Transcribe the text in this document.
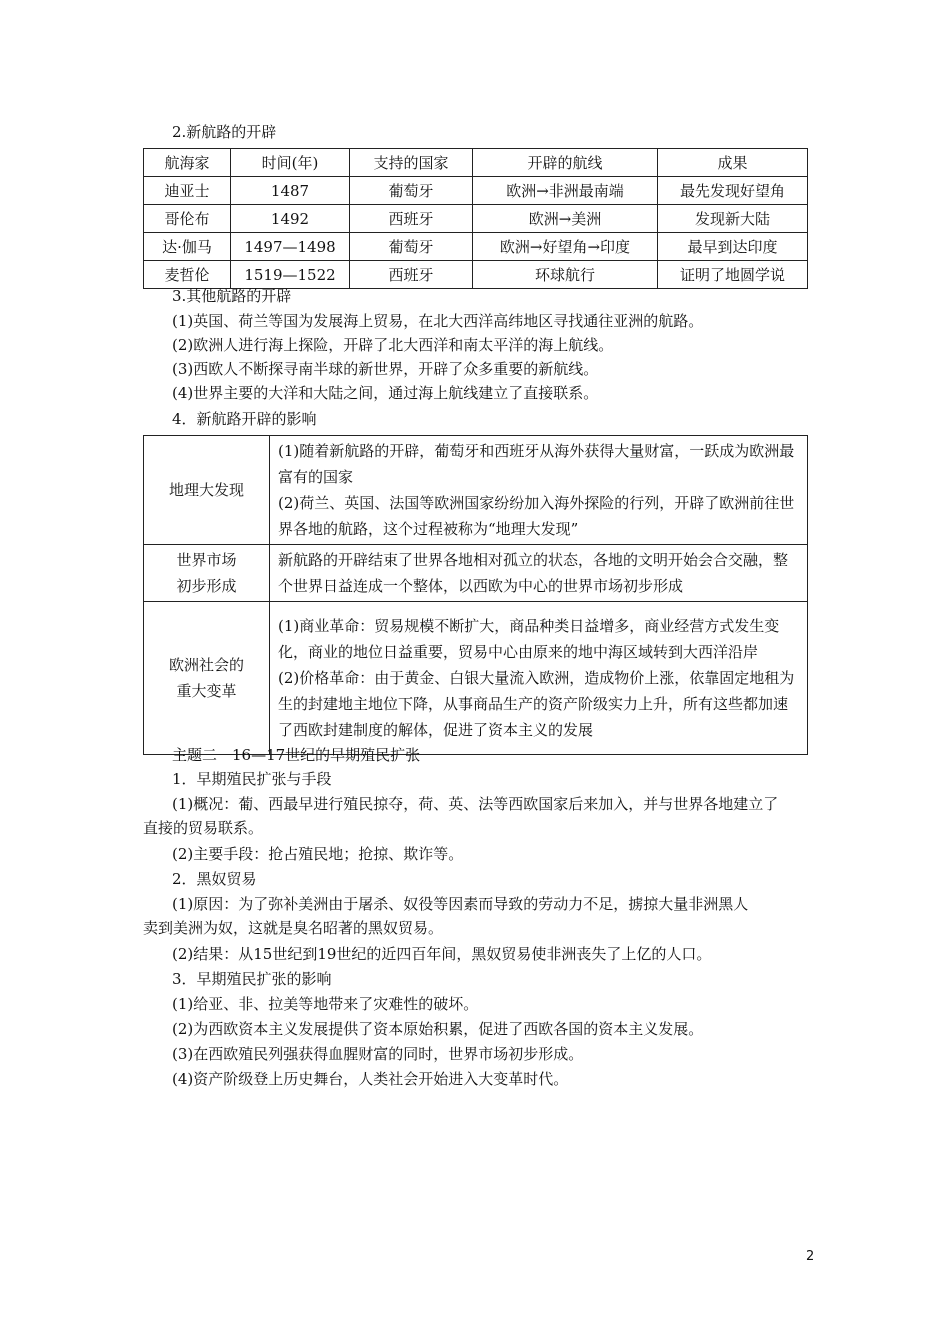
2.新航路的开辟
航海家	时间(年)	支持的国家	开辟的航线	成果
迪亚士	1487	葡萄牙	欧洲→非洲最南端	最先发现好望角
哥伦布	1492	西班牙	欧洲→美洲	发现新大陆
达·伽马	1497—1498	葡萄牙	欧洲→好望角→印度	最早到达印度
麦哲伦	1519—1522	西班牙	环球航行	证明了地圆学说
3.其他航路的开辟
(1)英国、荷兰等国为发展海上贸易，在北大西洋高纬地区寻找通往亚洲的航路。
(2)欧洲人进行海上探险，开辟了北大西洋和南太平洋的海上航线。
(3)西欧人不断探寻南半球的新世界，开辟了众多重要的新航线。
(4)世界主要的大洋和大陆之间，通过海上航线建立了直接联系。
4．新航路开辟的影响
地理大发现	(1)随着新航路的开辟，葡萄牙和西班牙从海外获得大量财富，一跃成为欧洲最富有的国家
(2)荷兰、英国、法国等欧洲国家纷纷加入海外探险的行列，开辟了欧洲前往世界各地的航路，这个过程被称为“地理大发现”
世界市场
初步形成	新航路的开辟结束了世界各地相对孤立的状态，各地的文明开始会合交融，整个世界日益连成一个整体，以西欧为中心的世界市场初步形成
欧洲社会的
重大变革	(1)商业革命：贸易规模不断扩大，商品种类日益增多，商业经营方式发生变化，商业的地位日益重要，贸易中心由原来的地中海区域转到大西洋沿岸
(2)价格革命：由于黄金、白银大量流入欧洲，造成物价上涨，依靠固定地租为生的封建地主地位下降，从事商品生产的资产阶级实力上升，所有这些都加速了西欧封建制度的解体，促进了资本主义的发展
主题二　16—17世纪的早期殖民扩张
1．早期殖民扩张与手段
(1)概况：葡、西最早进行殖民掠夺，荷、英、法等西欧国家后来加入，并与世界各地建立了
直接的贸易联系。
(2)主要手段：抢占殖民地；抢掠、欺诈等。
2．黑奴贸易
(1)原因：为了弥补美洲由于屠杀、奴役等因素而导致的劳动力不足，掳掠大量非洲黑人
卖到美洲为奴，这就是臭名昭著的黑奴贸易。
(2)结果：从15世纪到19世纪的近四百年间，黑奴贸易使非洲丧失了上亿的人口。
3．早期殖民扩张的影响
(1)给亚、非、拉美等地带来了灾难性的破坏。
(2)为西欧资本主义发展提供了资本原始积累，促进了西欧各国的资本主义发展。
(3)在西欧殖民列强获得血腥财富的同时，世界市场初步形成。
(4)资产阶级登上历史舞台，人类社会开始进入大变革时代。
2
